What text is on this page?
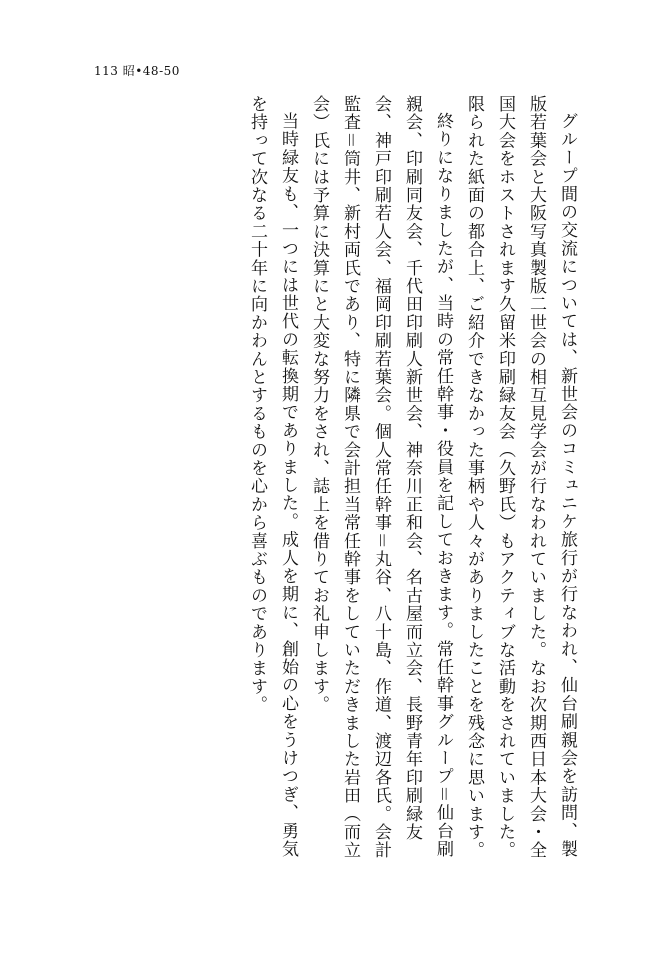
113 昭•48-50

グループ間の交流については、新世会のコミュニケ旅行が行なわれ、仙台刷親会を訪問、製版若葉会と大阪写真製版二世会の相互見学会が行なわれていました。なお次期西日本大会・全国大会をホストされます久留米印刷緑友会（久野氏）もアクティブな活動をされていました。限られた紙面の都合上、ご紹介できなかった事柄や人々がありましたことを残念に思います。

終りになりましたが、当時の常任幹事・役員を記しておきます。常任幹事グループ＝仙台刷親会、印刷同友会、千代田印刷人新世会、神奈川正和会、名古屋而立会、長野青年印刷緑友会、神戸印刷若人会、福岡印刷若葉会。個人常任幹事＝丸谷、八十島、作道、渡辺各氏。会計監査＝筒井、新村両氏であり、特に隣県で会計担当常任幹事をしていただきました岩田（而立会）氏には予算に決算にと大変な努力をされ、誌上を借りてお礼申します。

当時緑友も、一つには世代の転換期でありました。成人を期に、創始の心をうけつぎ、勇気を持って次なる二十年に向かわんとするものを心から喜ぶものであります。
